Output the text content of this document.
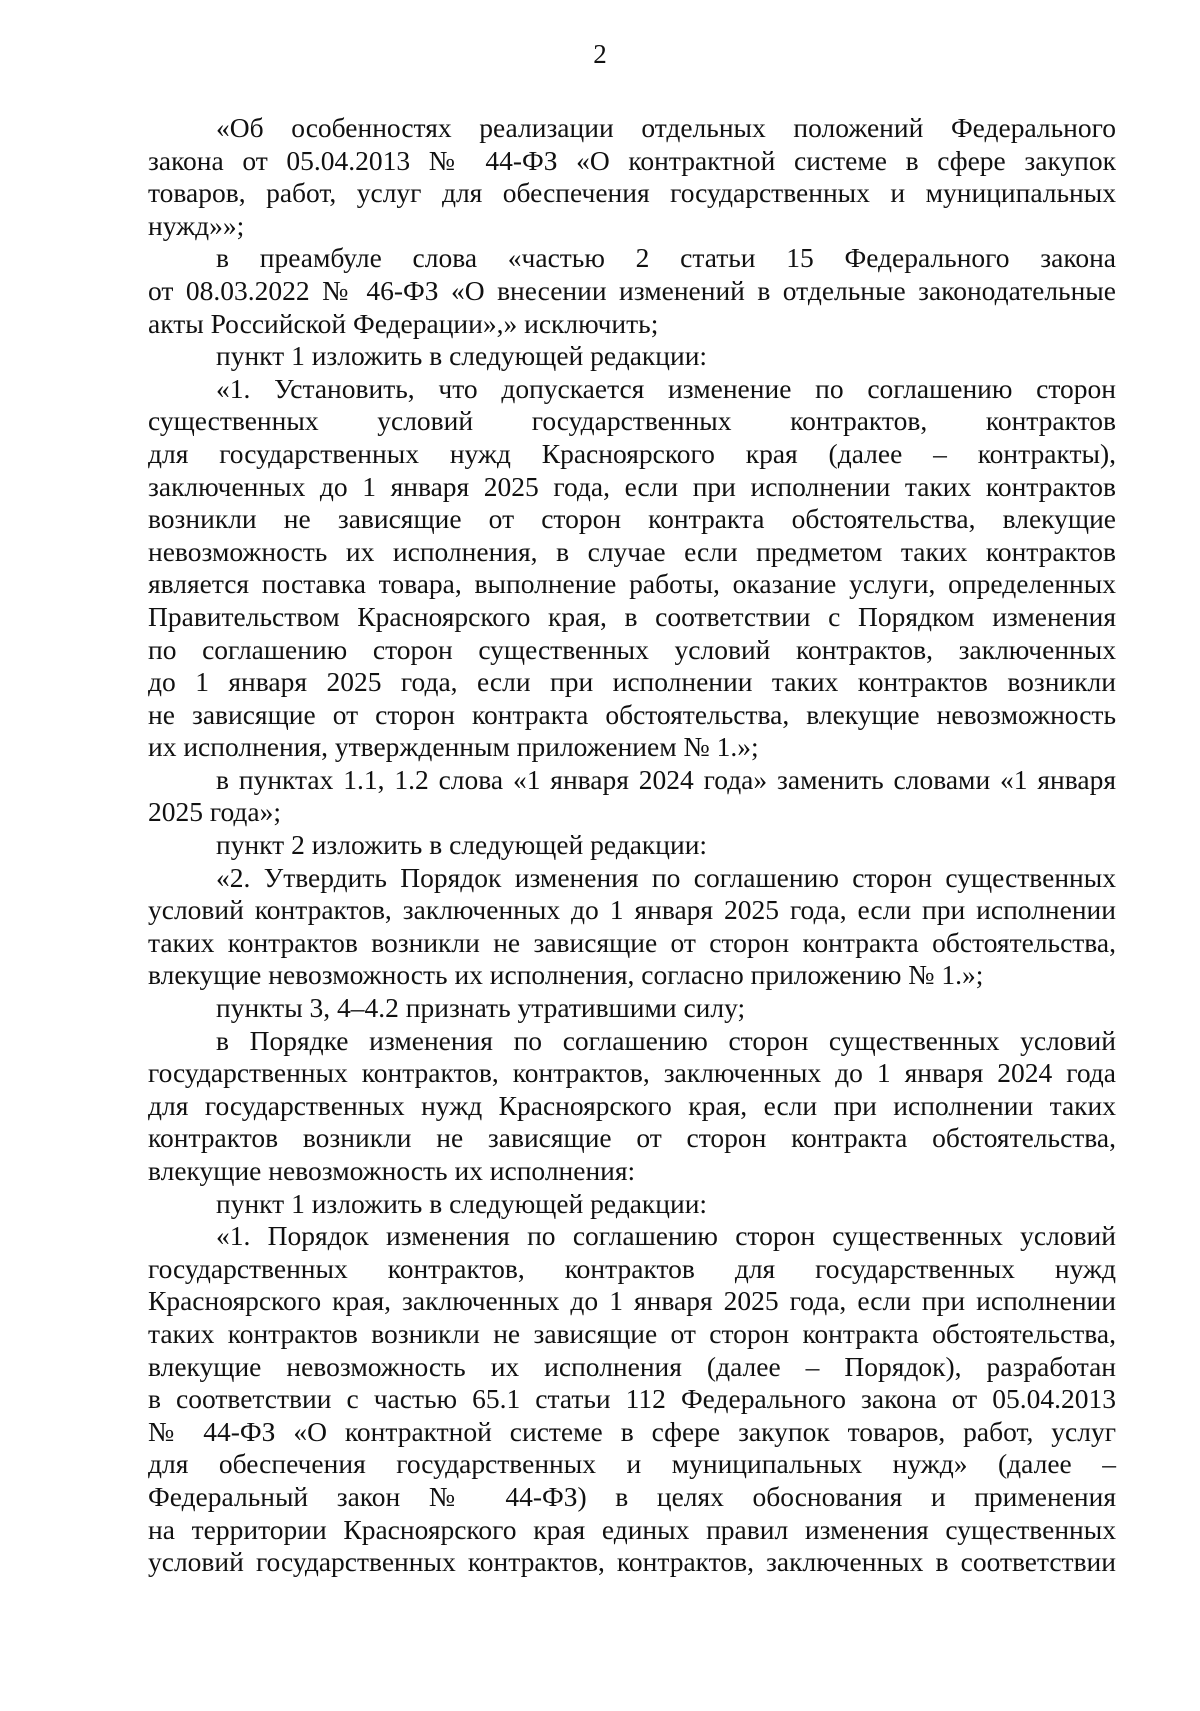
2
«Об особенностях реализации отдельных положений Федерального
закона от 05.04.2013 № 44-ФЗ «О контрактной системе в сфере закупок
товаров, работ, услуг для обеспечения государственных и муниципальных
нужд»»;
в преамбуле слова «частью 2 статьи 15 Федерального закона
от 08.03.2022 № 46-ФЗ «О внесении изменений в отдельные законодательные
акты Российской Федерации»,» исключить;
пункт 1 изложить в следующей редакции:
«1. Установить, что допускается изменение по соглашению сторон
существенных условий государственных контрактов, контрактов
для государственных нужд Красноярского края (далее – контракты),
заключенных до 1 января 2025 года, если при исполнении таких контрактов
возникли не зависящие от сторон контракта обстоятельства, влекущие
невозможность их исполнения, в случае если предметом таких контрактов
является поставка товара, выполнение работы, оказание услуги, определенных
Правительством Красноярского края, в соответствии с Порядком изменения
по соглашению сторон существенных условий контрактов, заключенных
до 1 января 2025 года, если при исполнении таких контрактов возникли
не зависящие от сторон контракта обстоятельства, влекущие невозможность
их исполнения, утвержденным приложением № 1.»;
в пунктах 1.1, 1.2 слова «1 января 2024 года» заменить словами «1 января
2025 года»;
пункт 2 изложить в следующей редакции:
«2. Утвердить Порядок изменения по соглашению сторон существенных
условий контрактов, заключенных до 1 января 2025 года, если при исполнении
таких контрактов возникли не зависящие от сторон контракта обстоятельства,
влекущие невозможность их исполнения, согласно приложению № 1.»;
пункты 3, 4–4.2 признать утратившими силу;
в Порядке изменения по соглашению сторон существенных условий
государственных контрактов, контрактов, заключенных до 1 января 2024 года
для государственных нужд Красноярского края, если при исполнении таких
контрактов возникли не зависящие от сторон контракта обстоятельства,
влекущие невозможность их исполнения:
пункт 1 изложить в следующей редакции:
«1. Порядок изменения по соглашению сторон существенных условий
государственных контрактов, контрактов для государственных нужд
Красноярского края, заключенных до 1 января 2025 года, если при исполнении
таких контрактов возникли не зависящие от сторон контракта обстоятельства,
влекущие невозможность их исполнения (далее – Порядок), разработан
в соответствии с частью 65.1 статьи 112 Федерального закона от 05.04.2013
№ 44-ФЗ «О контрактной системе в сфере закупок товаров, работ, услуг
для обеспечения государственных и муниципальных нужд» (далее –
Федеральный закон № 44-ФЗ) в целях обоснования и применения
на территории Красноярского края единых правил изменения существенных
условий государственных контрактов, контрактов, заключенных в соответствии
